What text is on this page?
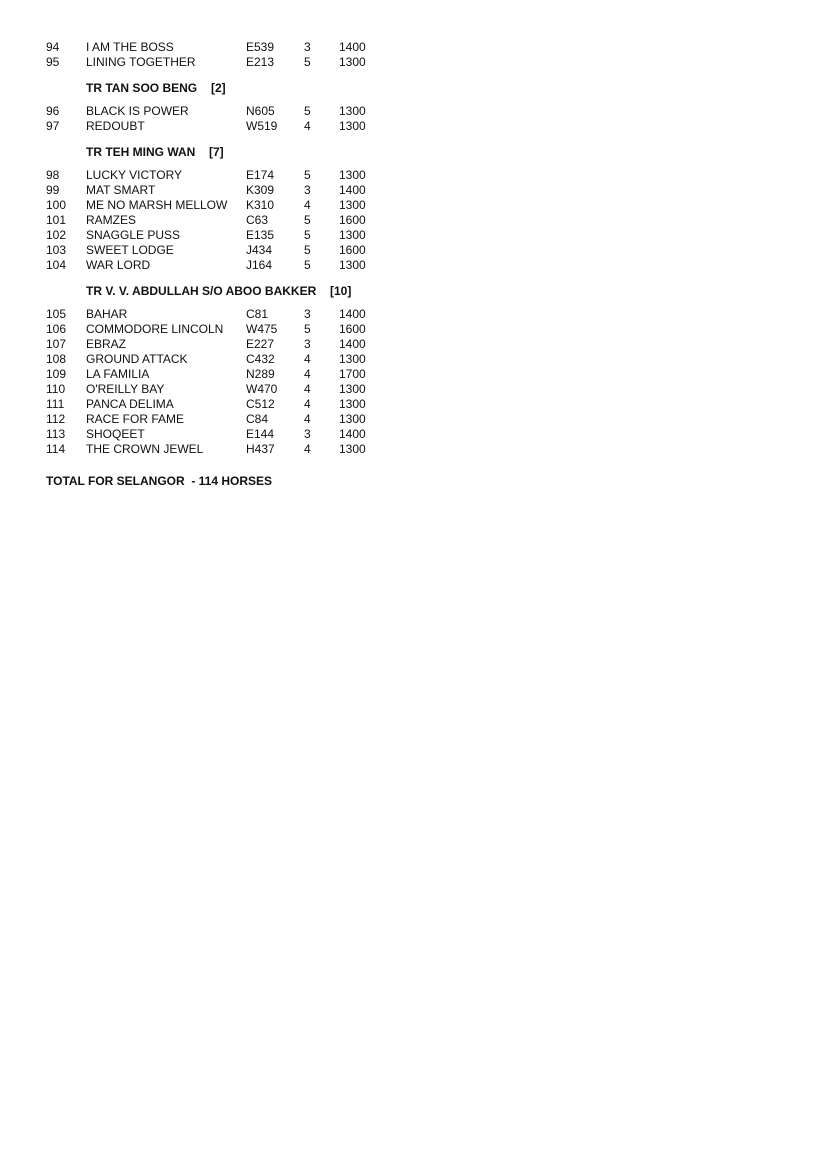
94 I AM THE BOSS	E539 3 1400
95 LINING TOGETHER	E213 5 1300
TR TAN SOO BENG [2]
96 BLACK IS POWER	N605 5 1300
97 REDOUBT	W519 4 1300
TR TEH MING WAN [7]
98 LUCKY VICTORY	E174 5 1300
99 MAT SMART	K309 3 1400
100 ME NO MARSH MELLOW K310 4 1300
101 RAMZES	C63	5 1600
102 SNAGGLE PUSS	E135 5 1300
103 SWEET LODGE	J434	5 1600
104 WAR LORD	J164	5 1300
TR V. V. ABDULLAH S/O ABOO BAKKER [10]
105 BAHAR	C81	3 1400
106 COMMODORE LINCOLN W475 5 1600
107 EBRAZ	E227 3 1400
108 GROUND ATTACK	C432 4 1300
109 LA FAMILIA	N289 4 1700
110 O'REILLY BAY	W470 4 1300
111 PANCA DELIMA	C512 4 1300
112 RACE FOR FAME	C84	4 1300
113 SHOQEET	E144 3 1400
114 THE CROWN JEWEL	H437 4 1300
TOTAL FOR SELANGOR  - 114 HORSES
